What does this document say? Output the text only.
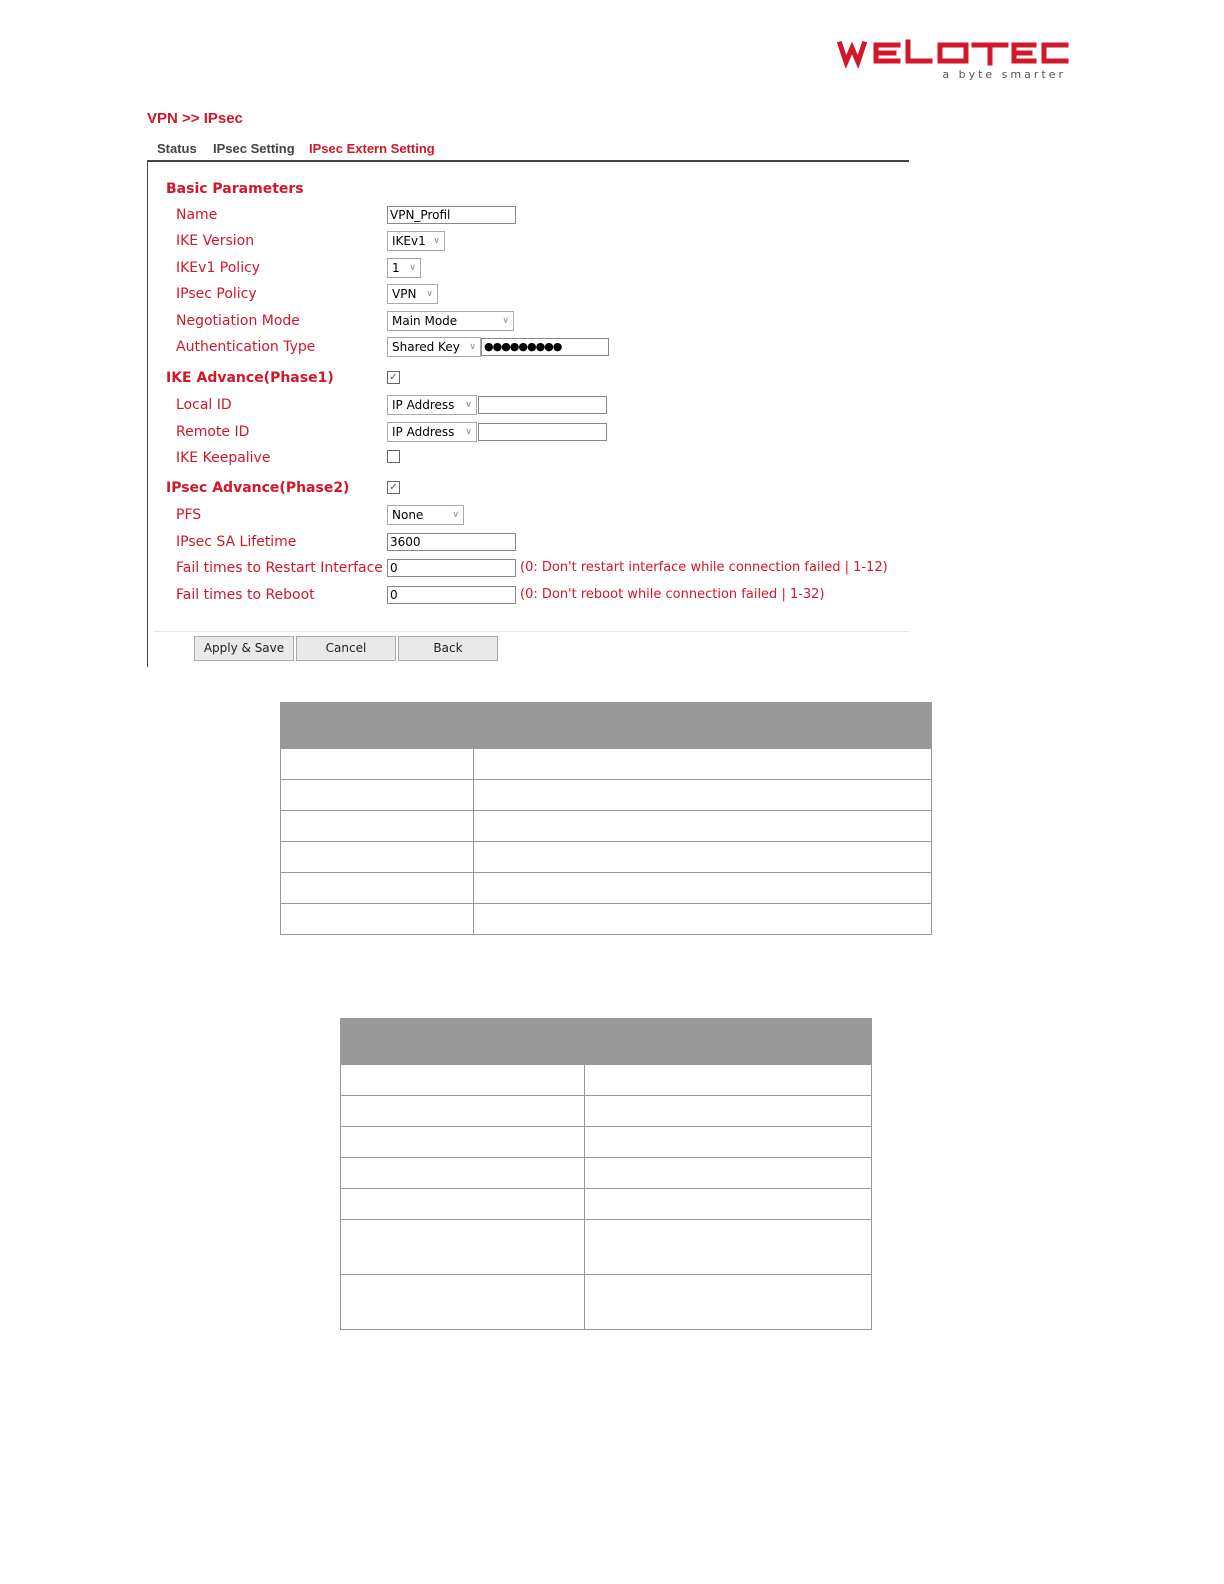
a byte smarter
VPN >> IPsec
Status IPsec Setting IPsec Extern Setting
Basic Parameters
Name	VPN_Profil
IKE Version	IKEv1 ∨
IKEv1 Policy	1 ∨
IPsec Policy	VPN ∨
Negotiation Mode	Main Mode	∨
Authentication Type	Shared Key ∨ ●●●●●●●●●
IKE Advance(Phase1)	✓
Local ID	IP Address ∨
Remote ID	IP Address ∨
IKE Keepalive
IPsec Advance(Phase2)	✓
PFS	None	∨
IPsec SA Lifetime	3600
Fail times to Restart Interface 0	(0: Don't restart interface while connection failed | 1-12)
Fail times to Reboot	0	(0: Don't reboot while connection failed | 1-32)
Apply & Save	Cancel	Back
